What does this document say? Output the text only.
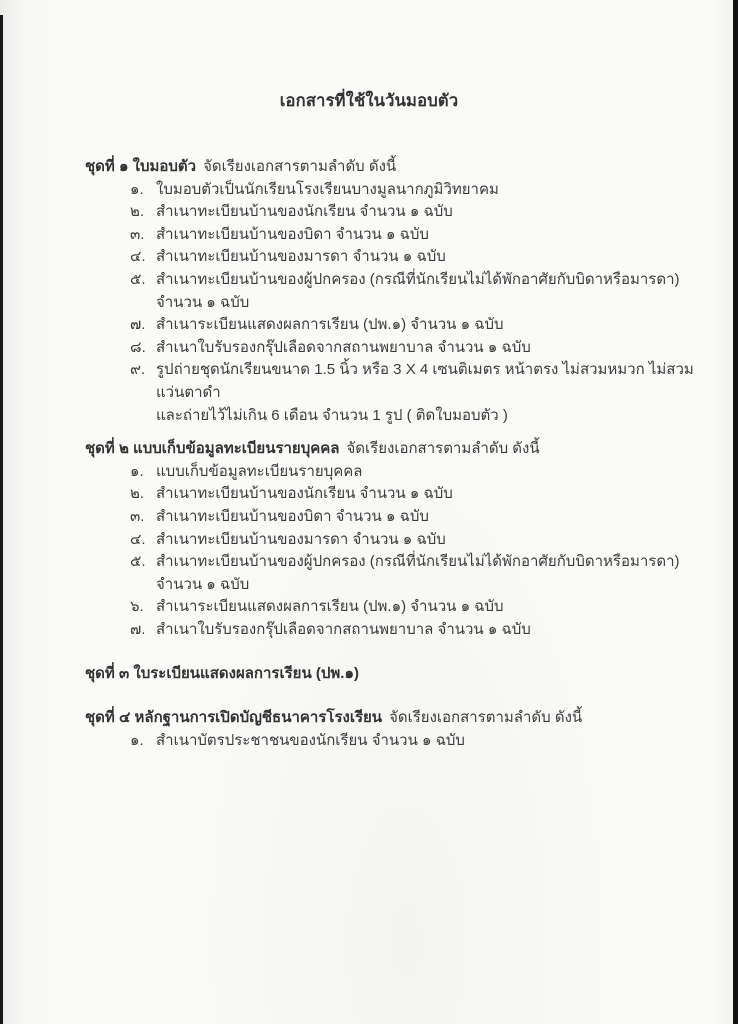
เอกสารที่ใช้ในวันมอบตัว
ชุดที่ ๑ ใบมอบตัว จัดเรียงเอกสารตามลำดับ ดังนี้
๑. ใบมอบตัวเป็นนักเรียนโรงเรียนบางมูลนากภูมิวิทยาคม
๒. สำเนาทะเบียนบ้านของนักเรียน จำนวน ๑ ฉบับ
๓. สำเนาทะเบียนบ้านของบิดา จำนวน ๑ ฉบับ
๔. สำเนาทะเบียนบ้านของมารดา จำนวน ๑ ฉบับ
๕. สำเนาทะเบียนบ้านของผู้ปกครอง (กรณีที่นักเรียนไม่ได้พักอาศัยกับบิดาหรือมารดา) จำนวน ๑ ฉบับ
๗. สำเนาระเบียนแสดงผลการเรียน (ปพ.๑) จำนวน ๑ ฉบับ
๘. สำเนาใบรับรองกรุ๊ปเลือดจากสถานพยาบาล จำนวน ๑ ฉบับ
๙. รูปถ่ายชุดนักเรียนขนาด 1.5 นิ้ว หรือ 3 X 4 เซนติเมตร หน้าตรง ไม่สวมหมวก ไม่สวมแว่นตาดำ
และถ่ายไว้ไม่เกิน 6 เดือน จำนวน 1 รูป ( ติดใบมอบตัว )
ชุดที่ ๒ แบบเก็บข้อมูลทะเบียนรายบุคคล จัดเรียงเอกสารตามลำดับ ดังนี้
๑. แบบเก็บข้อมูลทะเบียนรายบุคคล
๒. สำเนาทะเบียนบ้านของนักเรียน จำนวน ๑ ฉบับ
๓. สำเนาทะเบียนบ้านของบิดา จำนวน ๑ ฉบับ
๔. สำเนาทะเบียนบ้านของมารดา จำนวน ๑ ฉบับ
๕. สำเนาทะเบียนบ้านของผู้ปกครอง (กรณีที่นักเรียนไม่ได้พักอาศัยกับบิดาหรือมารดา) จำนวน ๑ ฉบับ
๖. สำเนาระเบียนแสดงผลการเรียน (ปพ.๑) จำนวน ๑ ฉบับ
๗. สำเนาใบรับรองกรุ๊ปเลือดจากสถานพยาบาล จำนวน ๑ ฉบับ
ชุดที่ ๓ ใบระเบียนแสดงผลการเรียน (ปพ.๑)
ชุดที่ ๔ หลักฐานการเปิดบัญชีธนาคารโรงเรียน จัดเรียงเอกสารตามลำดับ ดังนี้
๑. สำเนาบัตรประชาชนของนักเรียน จำนวน ๑ ฉบับ
